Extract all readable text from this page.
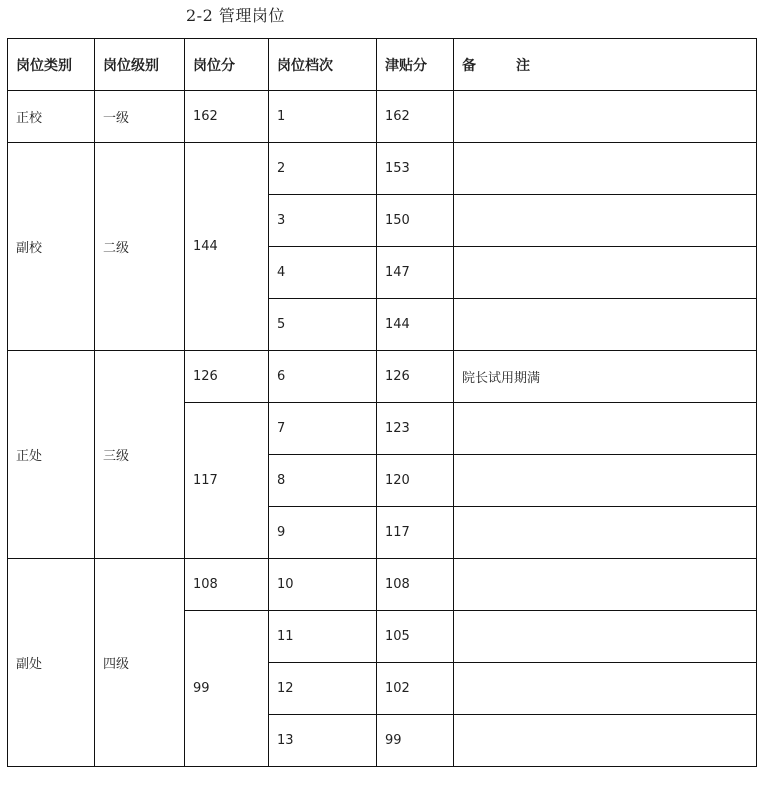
2-2 管理岗位
岗位类别	岗位级别	岗位分	岗位档次	津贴分	备 注
正校	一级	162	1	162	
副校	二级	144	2	153	
			3	150	
			4	147	
			5	144	
正处	三级	126	6	126	院长试用期满
		117	7	123	
			8	120	
			9	117	
副处	四级	108	10	108	
		99	11	105	
			12	102	
			13	99	
